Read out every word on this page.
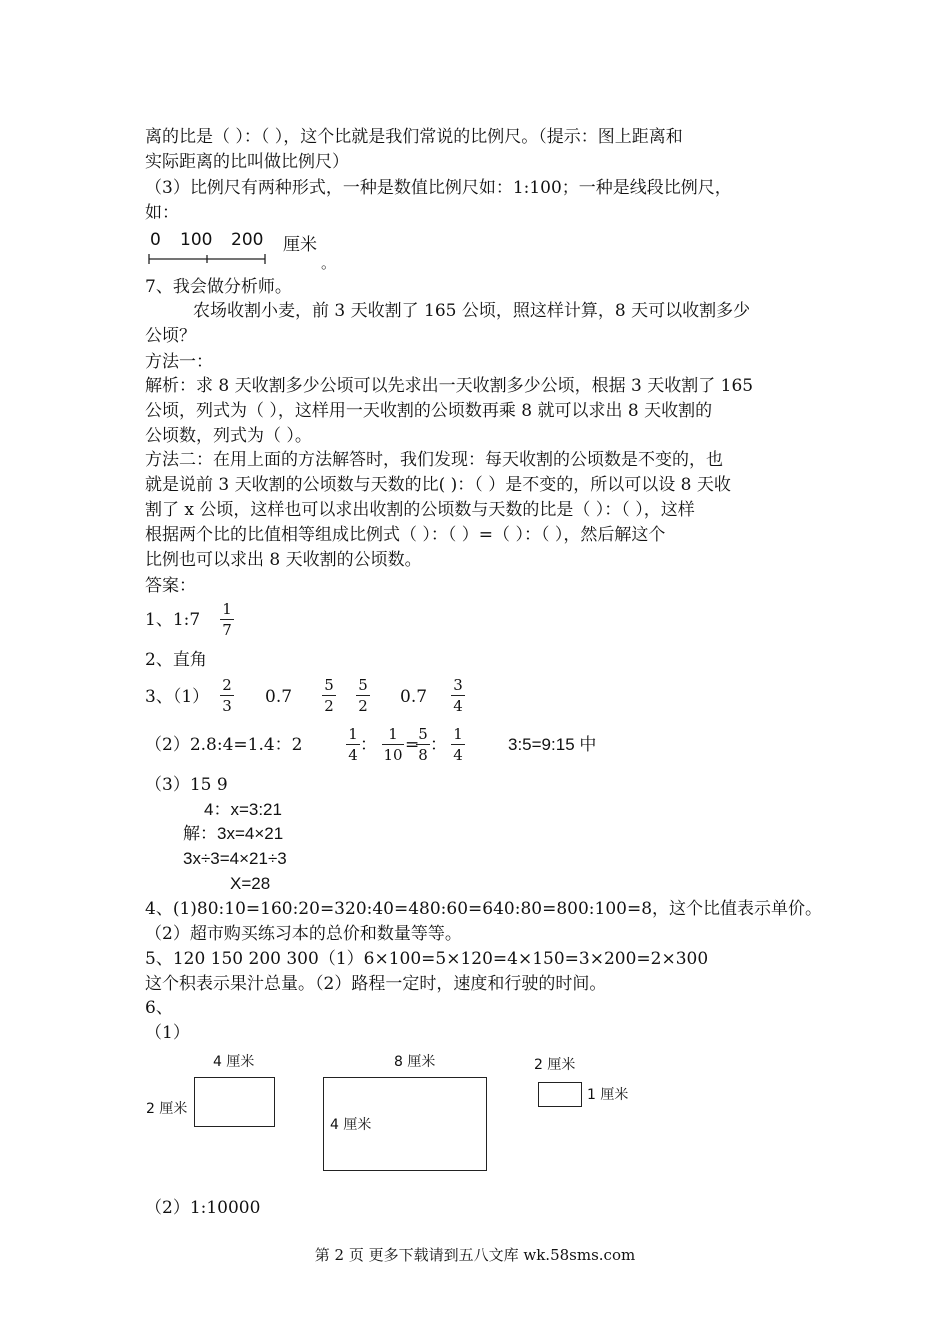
离的比是（ ）：（ ），这个比就是我们常说的比例尺。（提示：图上距离和
实际距离的比叫做比例尺）
（3）比例尺有两种形式，一种是数值比例尺如：1:100；一种是线段比例尺，
如：
0 100 200 厘米
。
7、我会做分析师。
农场收割小麦，前 3 天收割了 165 公顷，照这样计算，8 天可以收割多少
公顷？
方法一：
解析：求 8 天收割多少公顷可以先求出一天收割多少公顷，根据 3 天收割了 165
公顷，列式为（ ），这样用一天收割的公顷数再乘 8 就可以求出 8 天收割的
公顷数，列式为（ ）。
方法二：在用上面的方法解答时，我们发现：每天收割的公顷数是不变的，也
就是说前 3 天收割的公顷数与天数的比( )：（ ）是不变的，所以可以设 8 天收
割了 x 公顷，这样也可以求出收割的公顷数与天数的比是（ ）：（ ），这样
根据两个比的比值相等组成比例式（ ）：（ ）=（ ）：（ ），然后解这个
比例也可以求出 8 天收割的公顷数。
答案：
1、1:7
1
7
2、直角
3、（1）
2
3 0.7
5
2
5
2 0.7
3
4
（2）2.8:4=1.4：2
1
4 ：
1
10 =
5
8 ：
1
4
3:5=9:15 中
（3）15 9
4：x=3:21
解：3x=4×21
3x÷3=4×21÷3
X=28
4、(1)80:10=160:20=320:40=480:60=640:80=800:100=8，这个比值表示单价。
（2）超市购买练习本的总价和数量等等。
5、120 150 200 300（1）6×100=5×120=4×150=3×200=2×300
这个积表示果汁总量。（2）路程一定时，速度和行驶的时间。
6、
（1）
4 厘米
2 厘米
8 厘米
4 厘米
2 厘米
1 厘米
（2）1:10000
第 2 页 更多下载请到五八文库 wk.58sms.com
